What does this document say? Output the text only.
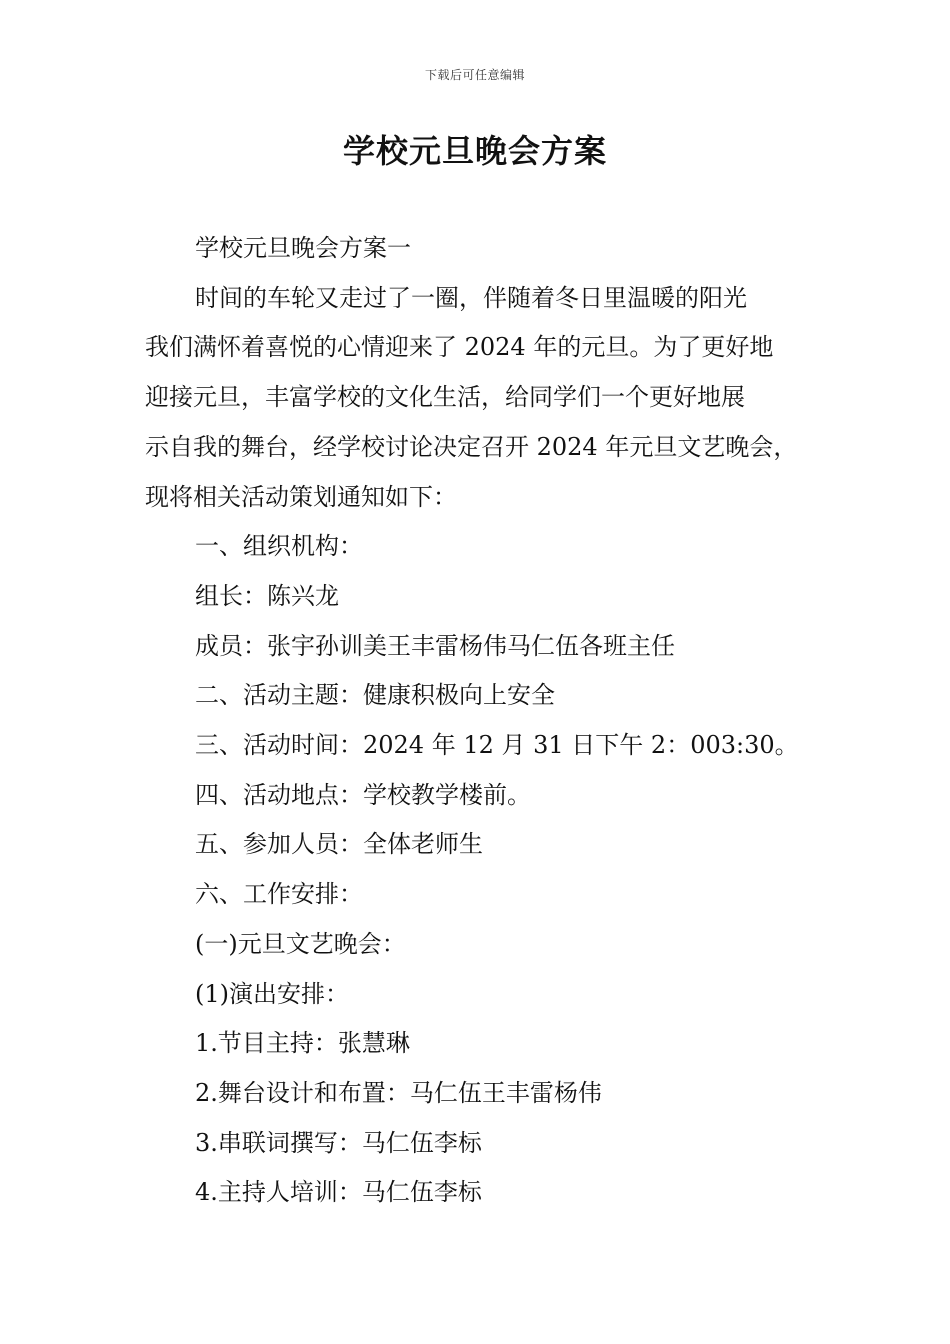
下载后可任意编辑
学校元旦晚会方案

学校元旦晚会方案一

时间的车轮又走过了一圈，伴随着冬日里温暖的阳光

我们满怀着喜悦的心情迎来了 2024 年的元旦。为了更好地

迎接元旦，丰富学校的文化生活，给同学们一个更好地展

示自我的舞台，经学校讨论决定召开 2024 年元旦文艺晚会，

现将相关活动策划通知如下：

一、组织机构：

组长：陈兴龙

成员：张宇孙训美王丰雷杨伟马仁伍各班主任

二、活动主题：健康积极向上安全

三、活动时间：2024 年 12 月 31 日下午 2：003:30。

四、活动地点：学校教学楼前。

五、参加人员：全体老师生

六、工作安排：

(一)元旦文艺晚会：

(1)演出安排：

1.节目主持：张慧琳

2.舞台设计和布置：马仁伍王丰雷杨伟

3.串联词撰写：马仁伍李标

4.主持人培训：马仁伍李标
